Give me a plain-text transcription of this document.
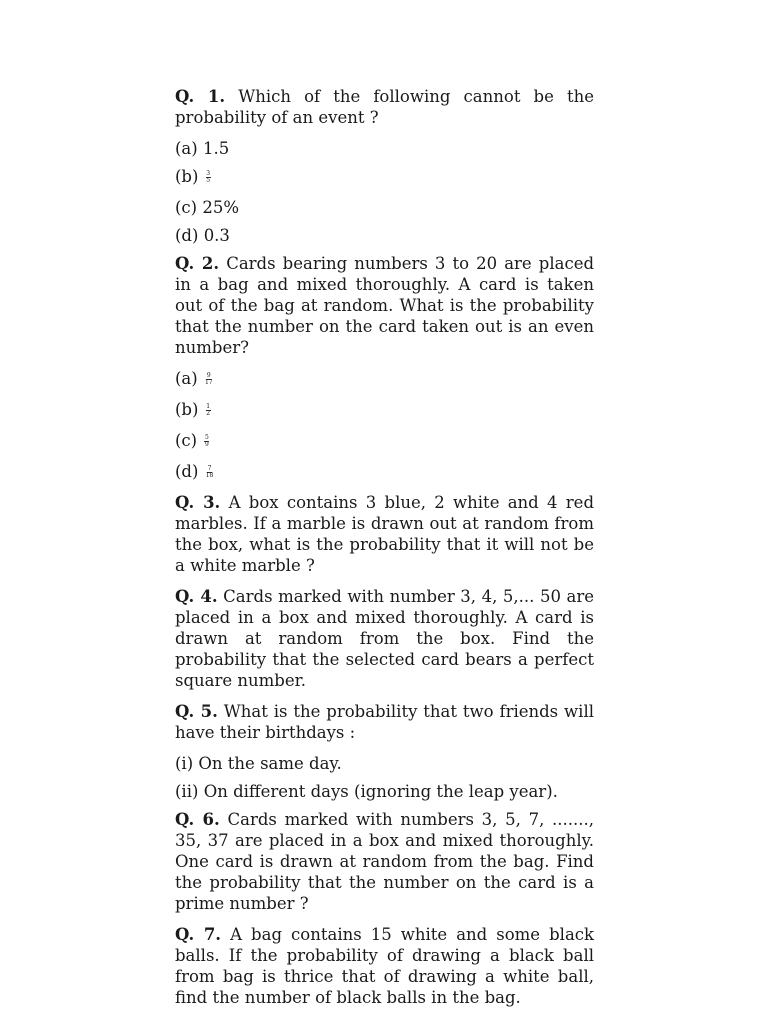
Q. 1. Which of the following cannot be the probability of an event ?

(a) 1.5
$(b) \frac{3}{5}$
(c) 25%
(d) 0.3

Q. 2. Cards bearing numbers 3 to 20 are placed in a bag and mixed thoroughly. A card is taken out of the bag at random. What is the probability that the number on the card taken out is an even number?

$(a) \frac{9}{17}$
$(b) \frac{1}{2}$
$(c) \frac{5}{9}$
$(d) \frac{7}{18}$

Q. 3. A box contains 3 blue, 2 white and 4 red marbles. If a marble is drawn out at random from the box, what is the probability that it will not be a white marble ?

Q. 4. Cards marked with number 3, 4, 5,... 50 are placed in a box and mixed thoroughly. A card is drawn at random from the box. Find the probability that the selected card bears a perfect square number.

Q. 5. What is the probability that two friends will have their birthdays :

(i) On the same day.
(ii) On different days (ignoring the leap year).

Q. 6. Cards marked with numbers 3, 5, 7, ......., 35, 37 are placed in a box and mixed thoroughly. One card is drawn at random from the bag. Find the probability that the number on the card is a prime number ?

Q. 7. A bag contains 15 white and some black balls. If the probability of drawing a black ball from bag is thrice that of drawing a white ball, find the number of black balls in the bag.
